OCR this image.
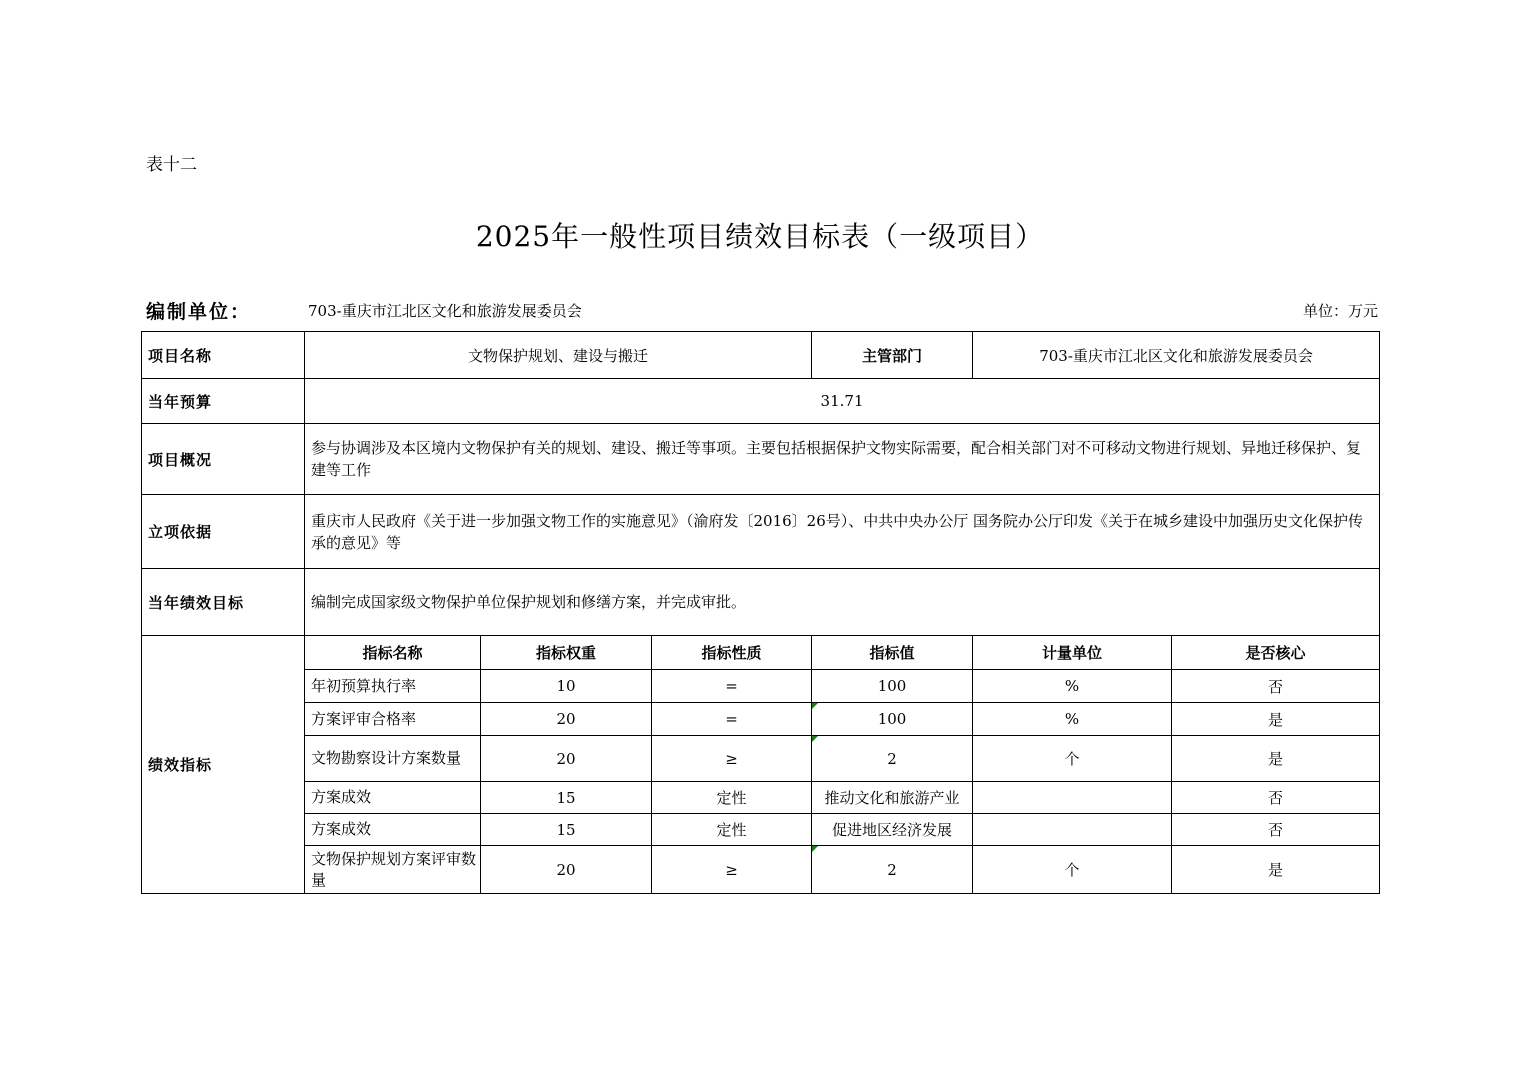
表十二
2025年一般性项目绩效目标表（一级项目）
编制单位：	703-重庆市江北区文化和旅游发展委员会	单位：万元
项目名称	文物保护规划、建设与搬迁			主管部门	703-重庆市江北区文化和旅游发展委员会	
当年预算	31.71					
项目概况	参与协调涉及本区境内文物保护有关的规划、建设、搬迁等事项。主要包括根据保护文物实际需要，配合相关部门对不可移动文物进行规划、异地迁移保护、复建等工作					
立项依据	重庆市人民政府《关于进一步加强文物工作的实施意见》（渝府发〔2016〕26号）、中共中央办公厅 国务院办公厅印发《关于在城乡建设中加强历史文化保护传承的意见》等					
当年绩效目标	编制完成国家级文物保护单位保护规划和修缮方案，并完成审批。					
绩效指标	指标名称	指标权重	指标性质	指标值	计量单位	是否核心
	年初预算执行率	10	=	100	%	否
	方案评审合格率	20	=	100	%	是
	文物勘察设计方案数量	20	≥	2	个	是
	方案成效	15	定性	推动文化和旅游产业		否
	方案成效	15	定性	促进地区经济发展		否
	文物保护规划方案评审数量	20	≥	2	个	是
